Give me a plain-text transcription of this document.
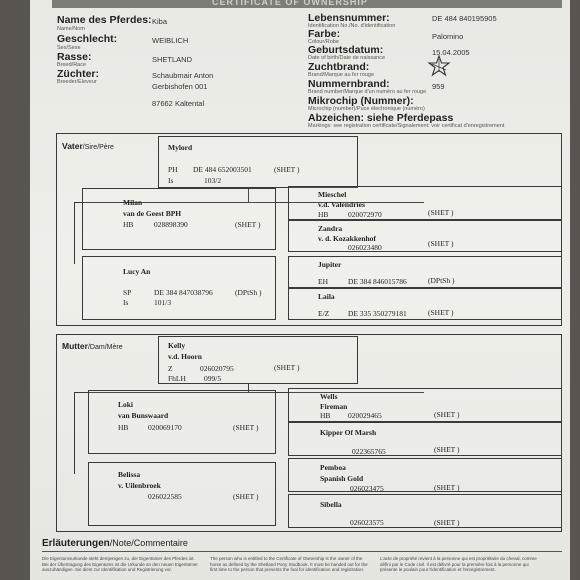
CERTIFICATE OF OWNERSHIP
Name des Pferdes:
Name/Nom
Kiba
Geschlecht:
Sex/Sexe
WEIBLICH
Rasse:
Breed/Race
SHETLAND
Züchter:
Breeder/Eleveur
Schaubmair Anton
Gerbishofen 001
87662 Kaltental
Lebensnummer:
Identification No./No. d'identification
DE 484 840195905
Farbe:
Colour/Robe
Palomino
Geburtsdatum:
Date of birth/Date de naissance
15.04.2005
Zuchtbrand:
Brand/Marque au fer rouge
Nummernbrand:
Brand number/Marque d'un numéro au fer rouge
959
Mikrochip (Nummer):
Microchip (number)/Puce électronique (numéro)
Abzeichen: siehe Pferdepass
Markings: see registration certificate/Signalement: voir certificat d'enregistrement
Vater/Sire/Père	Mylord
PH DE 484 652003501	(SHET )
Is	103/2
Milan
van de Geest BPH
HB	028898390	(SHET )
Mieschel
v.d. Valendries
HB	020072970	(SHET )
Zandra
v. d. Kozakkenhof
026023480	(SHET )
Lucy An
SP	DE 384 847038796	(DPtSh )
Is	101/3
Jupiter
EH	DE 384 846015786	(DPtSh )
Laila
E/Z	DE 335 350279181	(SHET )
Mutter/Dam/Mère	Kelly
v.d. Hoorn
Z	026020795	(SHET )
FhLH 099/5
Loki
van Bunswaard
HB	020069170	(SHET )
Wells
Fireman
HB 020029465	(SHET )
Kipper Of Marsh
022365765	(SHET )
Belissa
v. Uilenbroek
026022585	(SHET )
Pemboa
Spanish Gold
026023475	(SHET )
Sibella
026023575	(SHET )
Erläuterungen/Note/Commentaire
Die Eigentumsurkunde steht demjenigen zu, der Eigentümer des Pferdes ist. Bei der Übertragung des Eigentums ist die Urkunde an den neuen Eigentümer auszuhändigen. Sie dient zur Identifikation und Registrierung vor.
The person who is entitled to the Certificate of Ownership is the owner of the horse as defined by the Shetland Pony Studbook. It must be handed out for the first time to the person that presents the foal for identification and registration.
L'acte de propriété revient à la personne qui est propriétaire du cheval, comme défini par le Code civil. Il est délivré pour la première fois à la personne qui présente le poulain pour l'identification et l'enregistrement.
